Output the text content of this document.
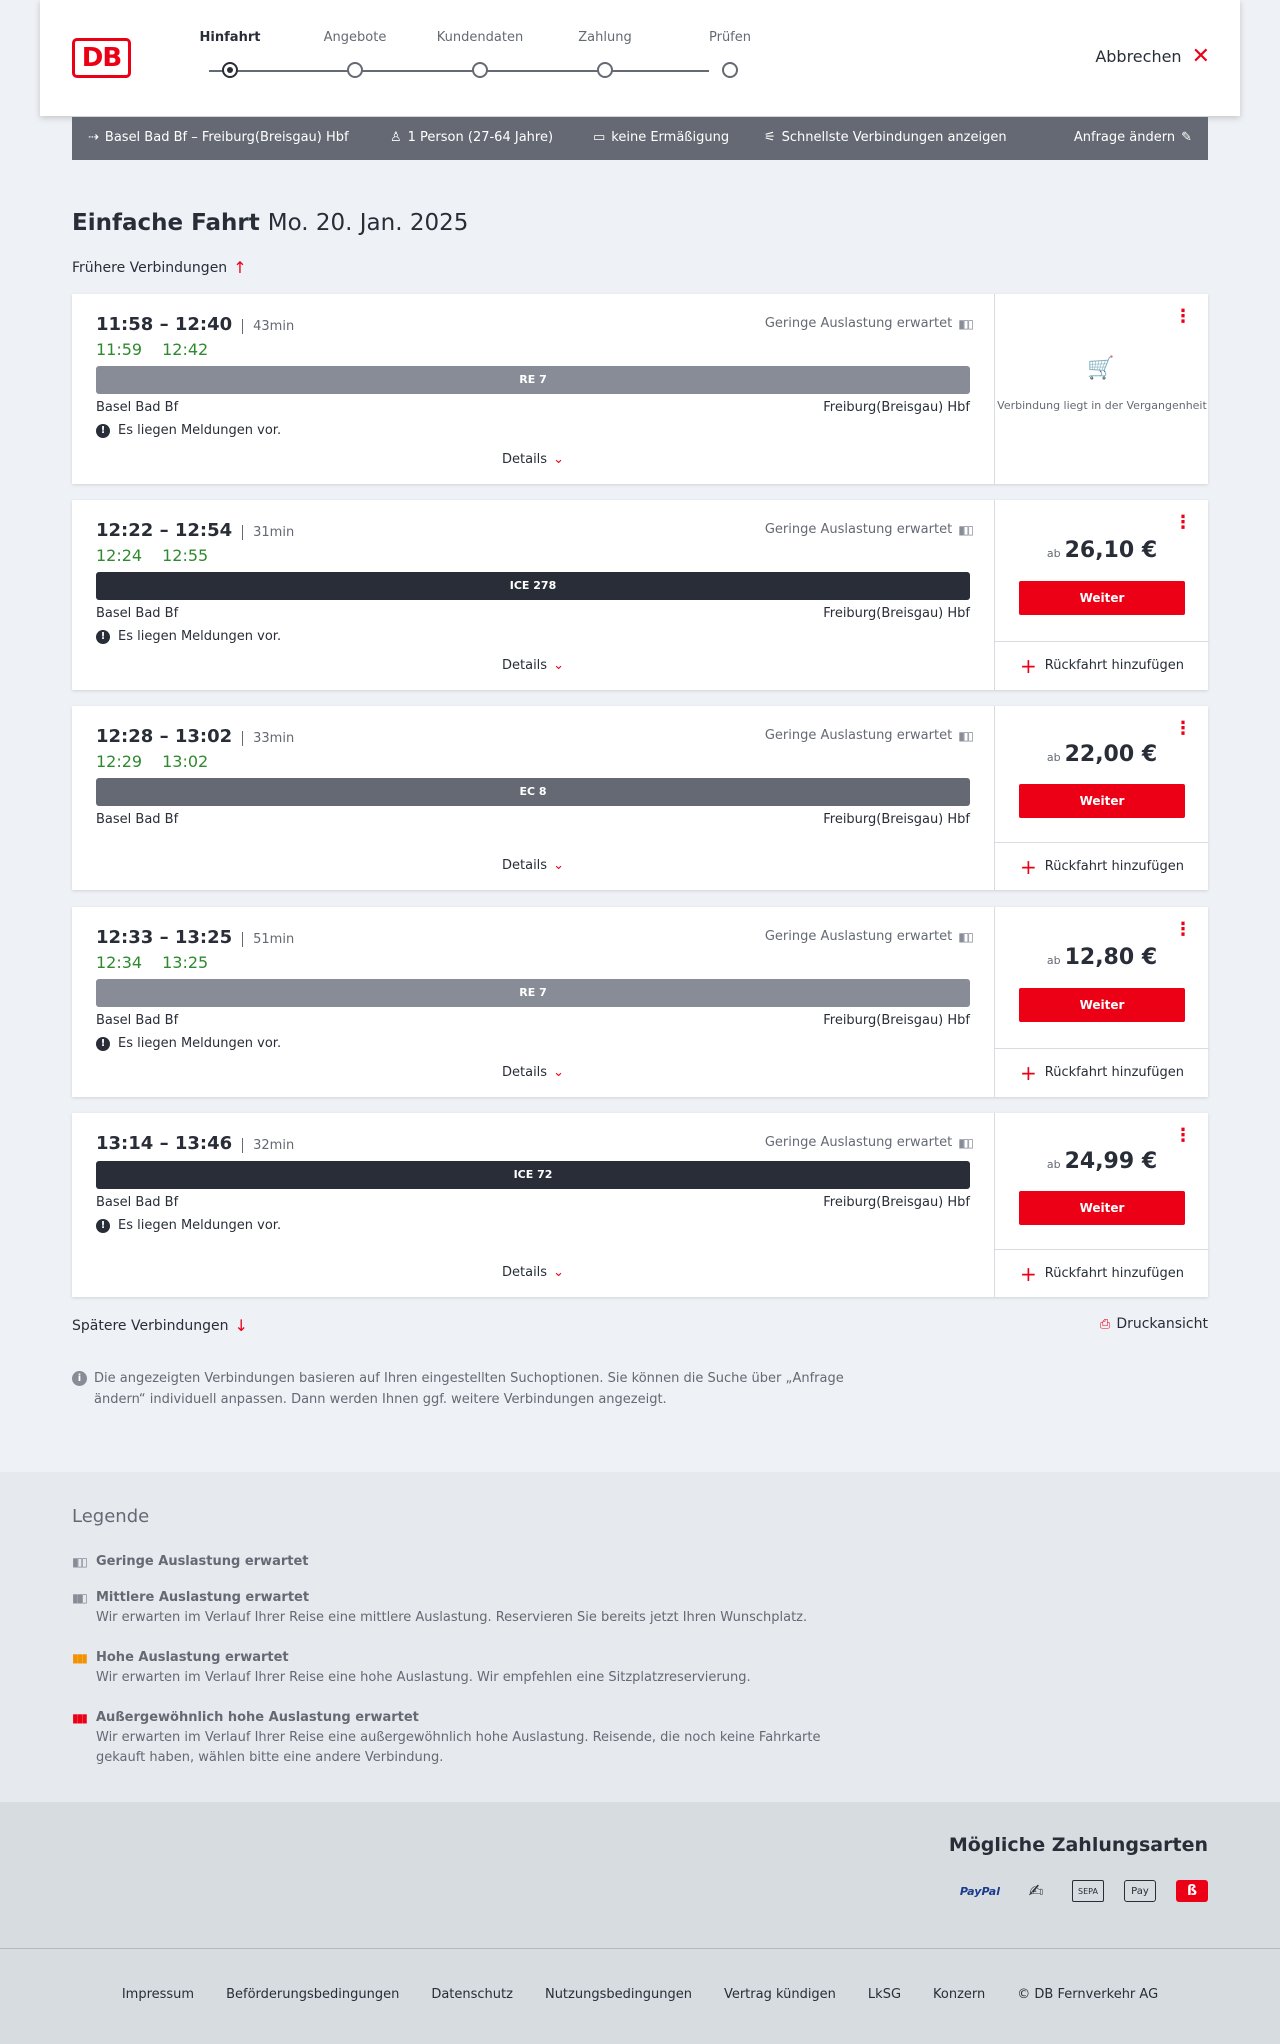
DB
Hinfahrt	Angebote	Kundendaten	Zahlung	Prüfen
Abbrechen ✕
⇢ Basel Bad Bf – Freiburg(Breisgau) Hbf	♙ 1 Person (27-64 Jahre)	▭ keine Ermäßigung	⚟ Schnellste Verbindungen anzeigen	Anfrage ändern ✎
Einfache Fahrt Mo. 20. Jan. 2025
Frühere Verbindungen ↑
11:58 – 12:40 43min
11:59 12:42
Geringe Auslastung erwartet ▮▯▯
RE 7
Basel Bad Bf	Freiburg(Breisgau) Hbf
! Es liegen Meldungen vor.
Details ⌄
⋮
🛒
Verbindung liegt in der Vergangenheit
12:22 – 12:54 31min
12:24 12:55
Geringe Auslastung erwartet ▮▯▯
ICE 278
Basel Bad Bf	Freiburg(Breisgau) Hbf
! Es liegen Meldungen vor.
Details ⌄
⋮
ab 26,10 €
Weiter
+ Rückfahrt hinzufügen
12:28 – 13:02 33min
12:29 13:02
Geringe Auslastung erwartet ▮▯▯
EC 8
Basel Bad Bf	Freiburg(Breisgau) Hbf
Details ⌄
⋮
ab 22,00 €
Weiter
+ Rückfahrt hinzufügen
12:33 – 13:25 51min
12:34 13:25
Geringe Auslastung erwartet ▮▯▯
RE 7
Basel Bad Bf	Freiburg(Breisgau) Hbf
! Es liegen Meldungen vor.
Details ⌄
⋮
ab 12,80 €
Weiter
+ Rückfahrt hinzufügen
13:14 – 13:46 32min	Geringe Auslastung erwartet ▮▯▯
ICE 72
Basel Bad Bf	Freiburg(Breisgau) Hbf
! Es liegen Meldungen vor.
Details ⌄
⋮
ab 24,99 €
Weiter
+ Rückfahrt hinzufügen
Spätere Verbindungen ↓	⎙ Druckansicht
i Die angezeigten Verbindungen basieren auf Ihren eingestellten Suchoptionen. Sie können die Suche über „Anfrage ändern“ individuell anpassen. Dann werden Ihnen ggf. weitere Verbindungen angezeigt.
Legende
▮▯▯ Geringe Auslastung erwartet
▮▮▯ Mittlere Auslastung erwartet
Wir erwarten im Verlauf Ihrer Reise eine mittlere Auslastung. Reservieren Sie bereits jetzt Ihren Wunschplatz.
▮▮▮ Hohe Auslastung erwartet
Wir erwarten im Verlauf Ihrer Reise eine hohe Auslastung. Wir empfehlen eine Sitzplatzreservierung.
▮▮▮ Außergewöhnlich hohe Auslastung erwartet
Wir erwarten im Verlauf Ihrer Reise eine außergewöhnlich hohe Auslastung. Reisende, die noch keine Fahrkarte gekauft haben, wählen bitte eine andere Verbindung.
Mögliche Zahlungsarten
PayPal	✍	SEPA	Pay	ß
Impressum Beförderungsbedingungen Datenschutz Nutzungsbedingungen Vertrag kündigen LkSG Konzern © DB Fernverkehr AG
